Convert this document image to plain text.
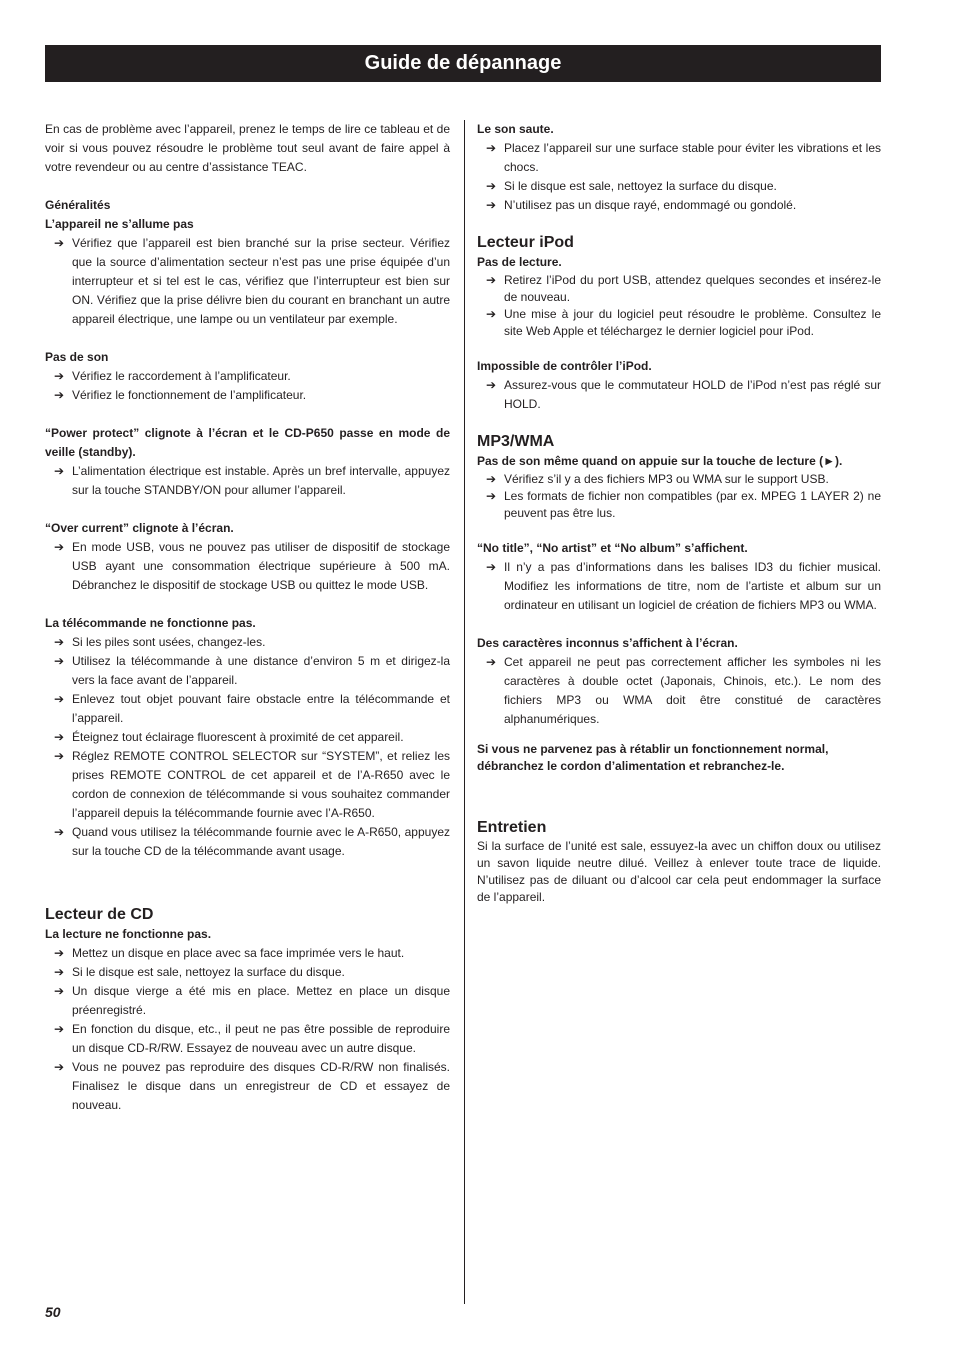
Guide de dépannage

En cas de problème avec l’appareil, prenez le temps de lire ce tableau et de voir si vous pouvez résoudre le problème tout seul avant de faire appel à votre revendeur ou au centre d’assistance TEAC.

Généralités

L’appareil ne s’allume pas

➔ Vérifiez que l’appareil est bien branché sur la prise secteur. Vérifiez que la source d’alimentation secteur n’est pas une prise équipée d’un interrupteur et si tel est le cas, vérifiez que l’interrupteur est bien sur ON. Vérifiez que la prise délivre bien du courant en branchant un autre appareil électrique, une lampe ou un ventilateur par exemple.

Pas de son

➔ Vérifiez le raccordement à l’amplificateur.
➔ Vérifiez le fonctionnement de l’amplificateur.

“Power protect” clignote à l’écran et le CD-P650 passe en mode de veille (standby).

➔ L’alimentation électrique est instable. Après un bref intervalle, appuyez sur la touche STANDBY/ON pour allumer l’appareil.

“Over current” clignote à l’écran.

➔ En mode USB, vous ne pouvez pas utiliser de dispositif de stockage USB ayant une consommation électrique supérieure à 500 mA. Débranchez le dispositif de stockage USB ou quittez le mode USB.

La télécommande ne fonctionne pas.

➔ Si les piles sont usées, changez-les.
➔ Utilisez la télécommande à une distance d’environ 5 m et dirigez-la vers la face avant de l’appareil.
➔ Enlevez tout objet pouvant faire obstacle entre la télécommande et l’appareil.
➔ Éteignez tout éclairage fluorescent à proximité de cet appareil.
➔ Réglez REMOTE CONTROL SELECTOR sur “SYSTEM”, et reliez les prises REMOTE CONTROL de cet appareil et de l’A-R650 avec le cordon de connexion de télécommande si vous souhaitez commander l’appareil depuis la télécommande fournie avec l’A-R650.
➔ Quand vous utilisez la télécommande fournie avec le A-R650, appuyez sur la touche CD de la télécommande avant usage.

Lecteur de CD

La lecture ne fonctionne pas.

➔ Mettez un disque en place avec sa face imprimée vers le haut.
➔ Si le disque est sale, nettoyez la surface du disque.
➔ Un disque vierge a été mis en place. Mettez en place un disque préenregistré.
➔ En fonction du disque, etc., il peut ne pas être possible de reproduire un disque CD-R/RW. Essayez de nouveau avec un autre disque.
➔ Vous ne pouvez pas reproduire des disques CD-R/RW non finalisés. Finalisez le disque dans un enregistreur de CD et essayez de nouveau.

Le son saute.

➔ Placez l’appareil sur une surface stable pour éviter les vibrations et les chocs.
➔ Si le disque est sale, nettoyez la surface du disque.
➔ N’utilisez pas un disque rayé, endommagé ou gondolé.

Lecteur iPod

Pas de lecture.

➔ Retirez l’iPod du port USB, attendez quelques secondes et insérez-le de nouveau.
➔ Une mise à jour du logiciel peut résoudre le problème. Consultez le site Web Apple et téléchargez le dernier logiciel pour iPod.

Impossible de contrôler l’iPod.

➔ Assurez-vous que le commutateur HOLD de l’iPod n’est pas réglé sur HOLD.

MP3/WMA

Pas de son même quand on appuie sur la touche de lecture (►).

➔ Vérifiez s’il y a des fichiers MP3 ou WMA sur le support USB.
➔ Les formats de fichier non compatibles (par ex. MPEG 1 LAYER 2) ne peuvent pas être lus.

“No title”, “No artist” et “No album” s’affichent.

➔ Il n’y a pas d’informations dans les balises ID3 du fichier musical. Modifiez les informations de titre, nom de l’artiste et album sur un ordinateur en utilisant un logiciel de création de fichiers MP3 ou WMA.

Des caractères inconnus s’affichent à l’écran.

➔ Cet appareil ne peut pas correctement afficher les symboles ni les caractères à double octet (Japonais, Chinois, etc.). Le nom des fichiers MP3 ou WMA doit être constitué de caractères alphanumériques.

Si vous ne parvenez pas à rétablir un fonctionnement normal, débranchez le cordon d’alimentation et rebranchez-le.

Entretien

Si la surface de l’unité est sale, essuyez-la avec un chiffon doux ou utilisez un savon liquide neutre dilué. Veillez à enlever toute trace de liquide. N’utilisez pas de diluant ou d’alcool car cela peut endommager la surface de l’appareil.

50
